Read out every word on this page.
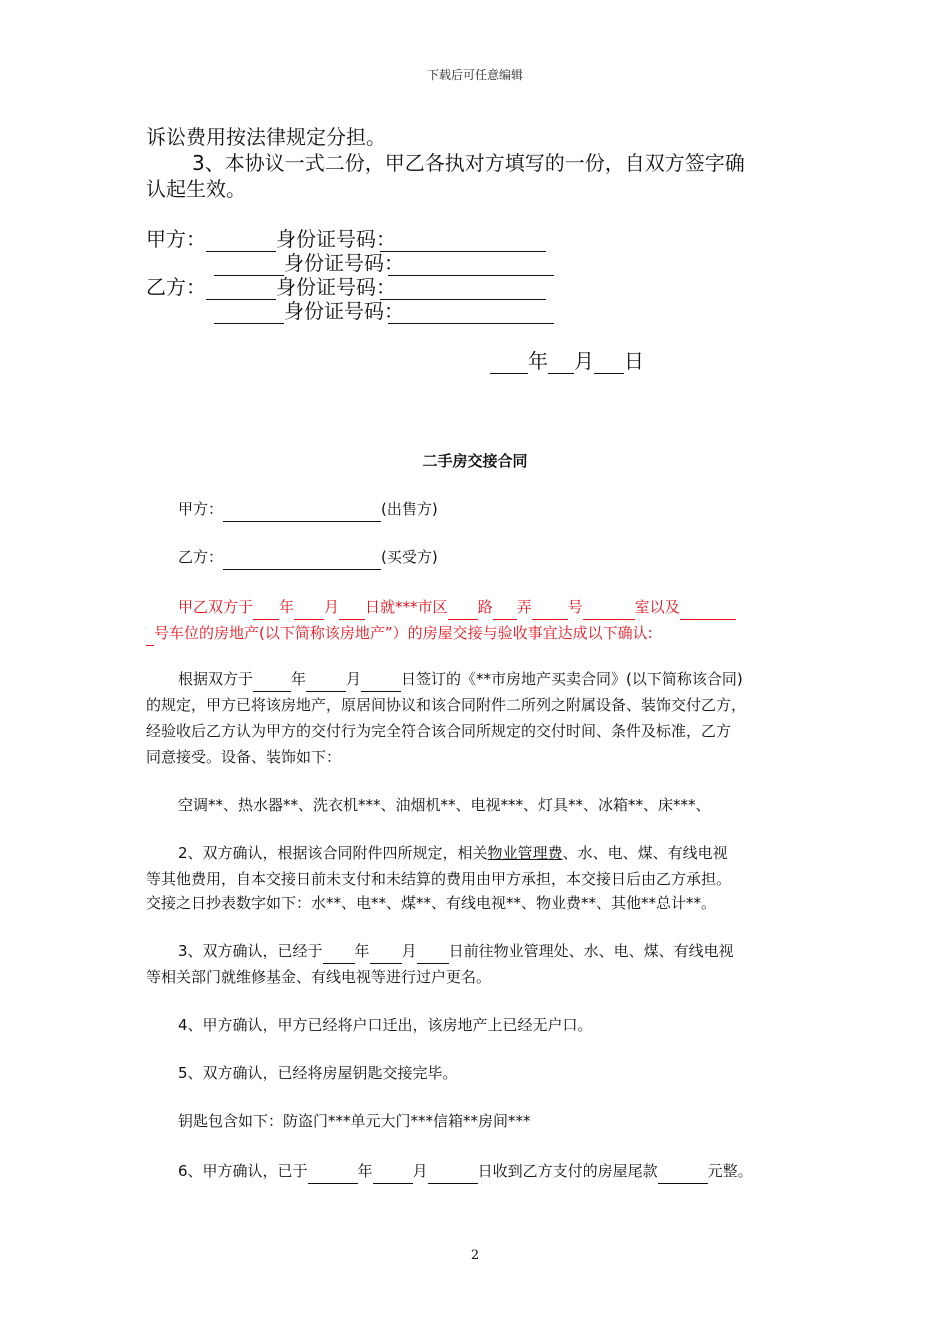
下载后可任意编辑
诉讼费用按法律规定分担。
3、本协议一式二份，甲乙各执对方填写的一份，自双方签字确
认起生效。
甲方：	身份证号码：
身份证号码：
乙方：	身份证号码：
身份证号码：
年 月 日
二手房交接合同
甲方：	(出售方)
乙方：	(买受方)
甲乙双方于 年 月 日就***市区 路 弄 号	室以及
号车位的房地产(以下简称该房地产”）的房屋交接与验收事宜达成以下确认:
根据双方于	年	月	日签订的《**市房地产买卖合同》(以下简称该合同)
的规定，甲方已将该房地产，原居间协议和该合同附件二所列之附属设备、装饰交付乙方，
经验收后乙方认为甲方的交付行为完全符合该合同所规定的交付时间、条件及标准，乙方
同意接受。设备、装饰如下：
空调**、热水器**、洗衣机***、油烟机**、电视***、灯具**、冰箱**、床***、
2、双方确认，根据该合同附件四所规定，相关物业管理费、水、电、煤、有线电视
等其他费用，自本交接日前未支付和未结算的费用由甲方承担，本交接日后由乙方承担。
交接之日抄表数字如下：水**、电**、煤**、有线电视**、物业费**、其他**总计**。
3、双方确认，已经于 年 月 日前往物业管理处、水、电、煤、有线电视
等相关部门就维修基金、有线电视等进行过户更名。
4、甲方确认，甲方已经将户口迁出，该房地产上已经无户口。
5、双方确认，已经将房屋钥匙交接完毕。
钥匙包含如下：防盗门***单元大门***信箱**房间***
6、甲方确认，已于	年	月	日收到乙方支付的房屋尾款	元整。
2
